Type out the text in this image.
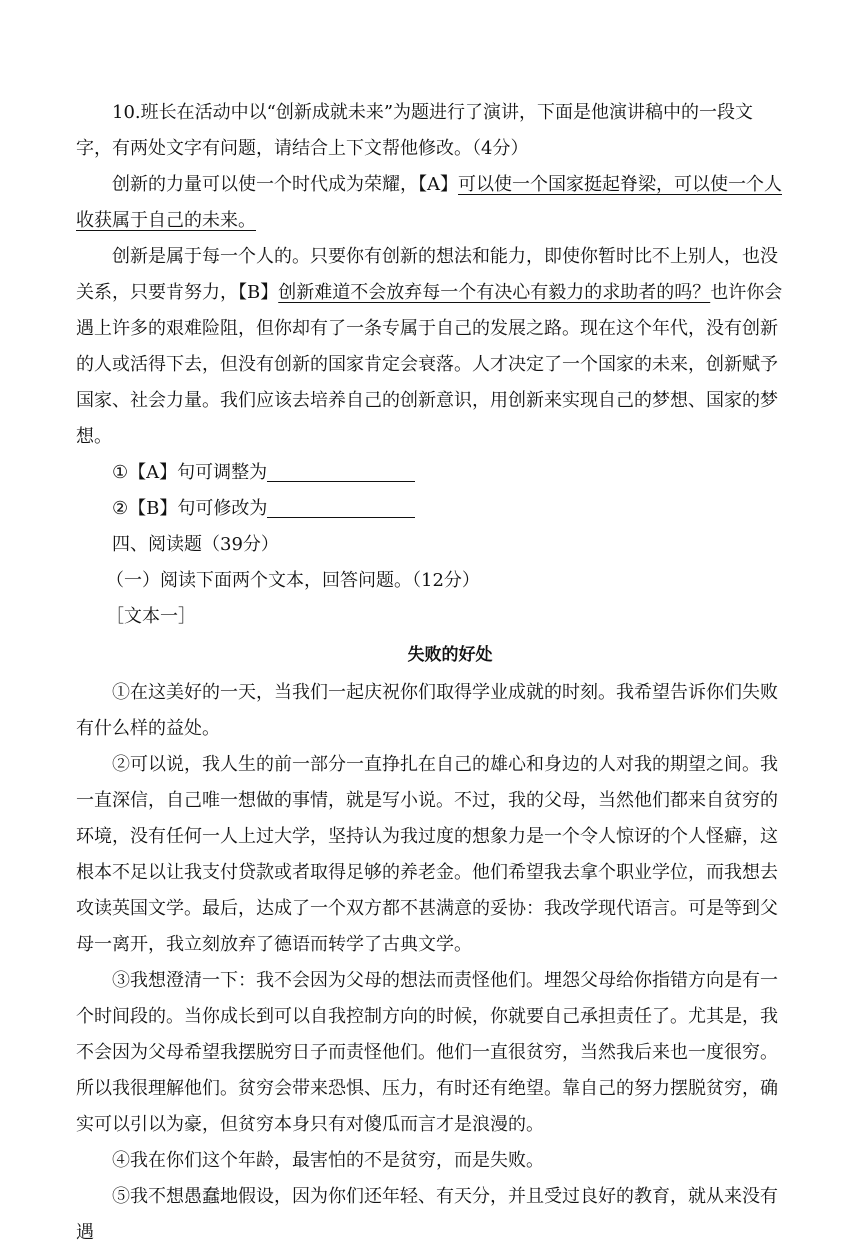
10.班长在活动中以“创新成就未来”为题进行了演讲，下面是他演讲稿中的一段文字，有两处文字有问题，请结合上下文帮他修改。（4分）

创新的力量可以使一个时代成为荣耀，【A】可以使一个国家挺起脊梁，可以使一个人收获属于自己的未来。

创新是属于每一个人的。只要你有创新的想法和能力，即使你暂时比不上别人，也没关系，只要肯努力，【B】创新难道不会放弃每一个有决心有毅力的求助者的吗？也许你会遇上许多的艰难险阻，但你却有了一条专属于自己的发展之路。现在这个年代，没有创新的人或活得下去，但没有创新的国家肯定会衰落。人才决定了一个国家的未来，创新赋予国家、社会力量。我们应该去培养自己的创新意识，用创新来实现自己的梦想、国家的梦想。

①【A】句可调整为

②【B】句可修改为

四、阅读题（39分）

（一）阅读下面两个文本，回答问题。（12分）

［文本一］

失败的好处

①在这美好的一天，当我们一起庆祝你们取得学业成就的时刻。我希望告诉你们失败有什么样的益处。

②可以说，我人生的前一部分一直挣扎在自己的雄心和身边的人对我的期望之间。我一直深信，自己唯一想做的事情，就是写小说。不过，我的父母，当然他们都来自贫穷的环境，没有任何一人上过大学，坚持认为我过度的想象力是一个令人惊讶的个人怪癖，这根本不足以让我支付贷款或者取得足够的养老金。他们希望我去拿个职业学位，而我想去攻读英国文学。最后，达成了一个双方都不甚满意的妥协：我改学现代语言。可是等到父母一离开，我立刻放弃了德语而转学了古典文学。

③我想澄清一下：我不会因为父母的想法而责怪他们。埋怨父母给你指错方向是有一个时间段的。当你成长到可以自我控制方向的时候，你就要自己承担责任了。尤其是，我不会因为父母希望我摆脱穷日子而责怪他们。他们一直很贫穷，当然我后来也一度很穷。所以我很理解他们。贫穷会带来恐惧、压力，有时还有绝望。靠自己的努力摆脱贫穷，确实可以引以为豪，但贫穷本身只有对傻瓜而言才是浪漫的。

④我在你们这个年龄，最害怕的不是贫穷，而是失败。

⑤我不想愚蠢地假设，因为你们还年轻、有天分，并且受过良好的教育，就从来没有遇
